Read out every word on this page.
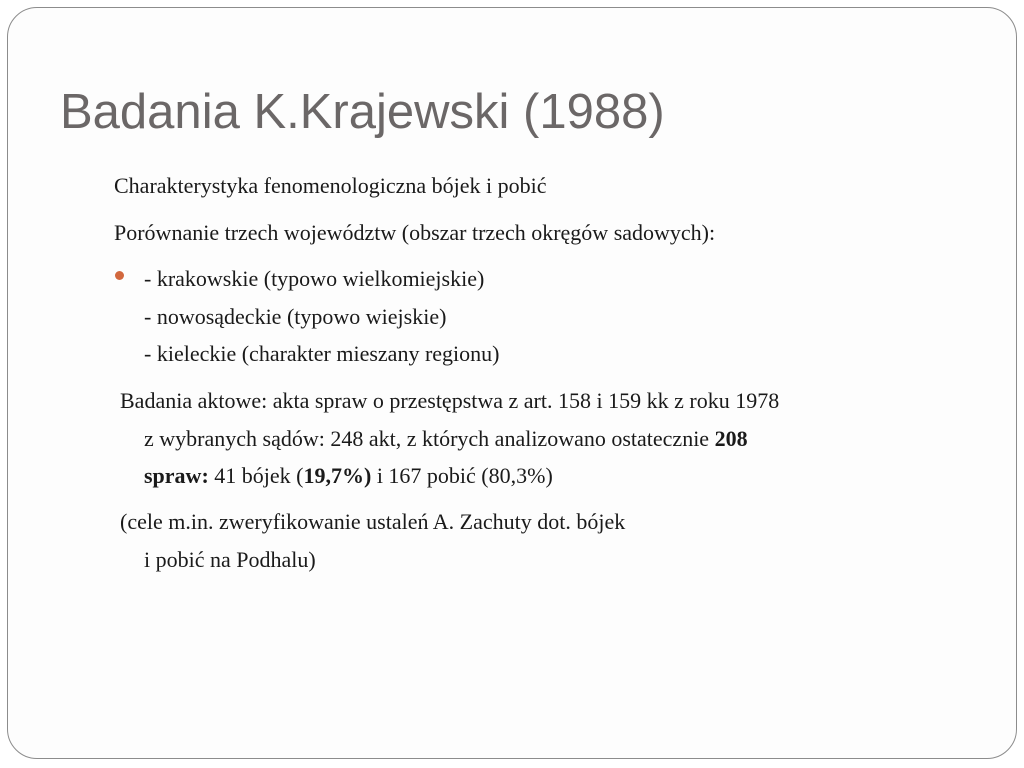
Badania K.Krajewski (1988)
Charakterystyka fenomenologiczna bójek i pobić
Porównanie trzech województw (obszar trzech okręgów sadowych):
- krakowskie (typowo wielkomiejskie)
- nowosądeckie (typowo wiejskie)
- kieleckie (charakter mieszany regionu)
Badania aktowe: akta spraw o przestępstwa z art. 158 i 159 kk z roku 1978
z wybranych sądów: 248 akt, z których analizowano ostatecznie 208
spraw: 41 bójek (19,7%) i 167 pobić (80,3%)
(cele m.in. zweryfikowanie ustaleń A. Zachuty dot. bójek
i pobić na Podhalu)
